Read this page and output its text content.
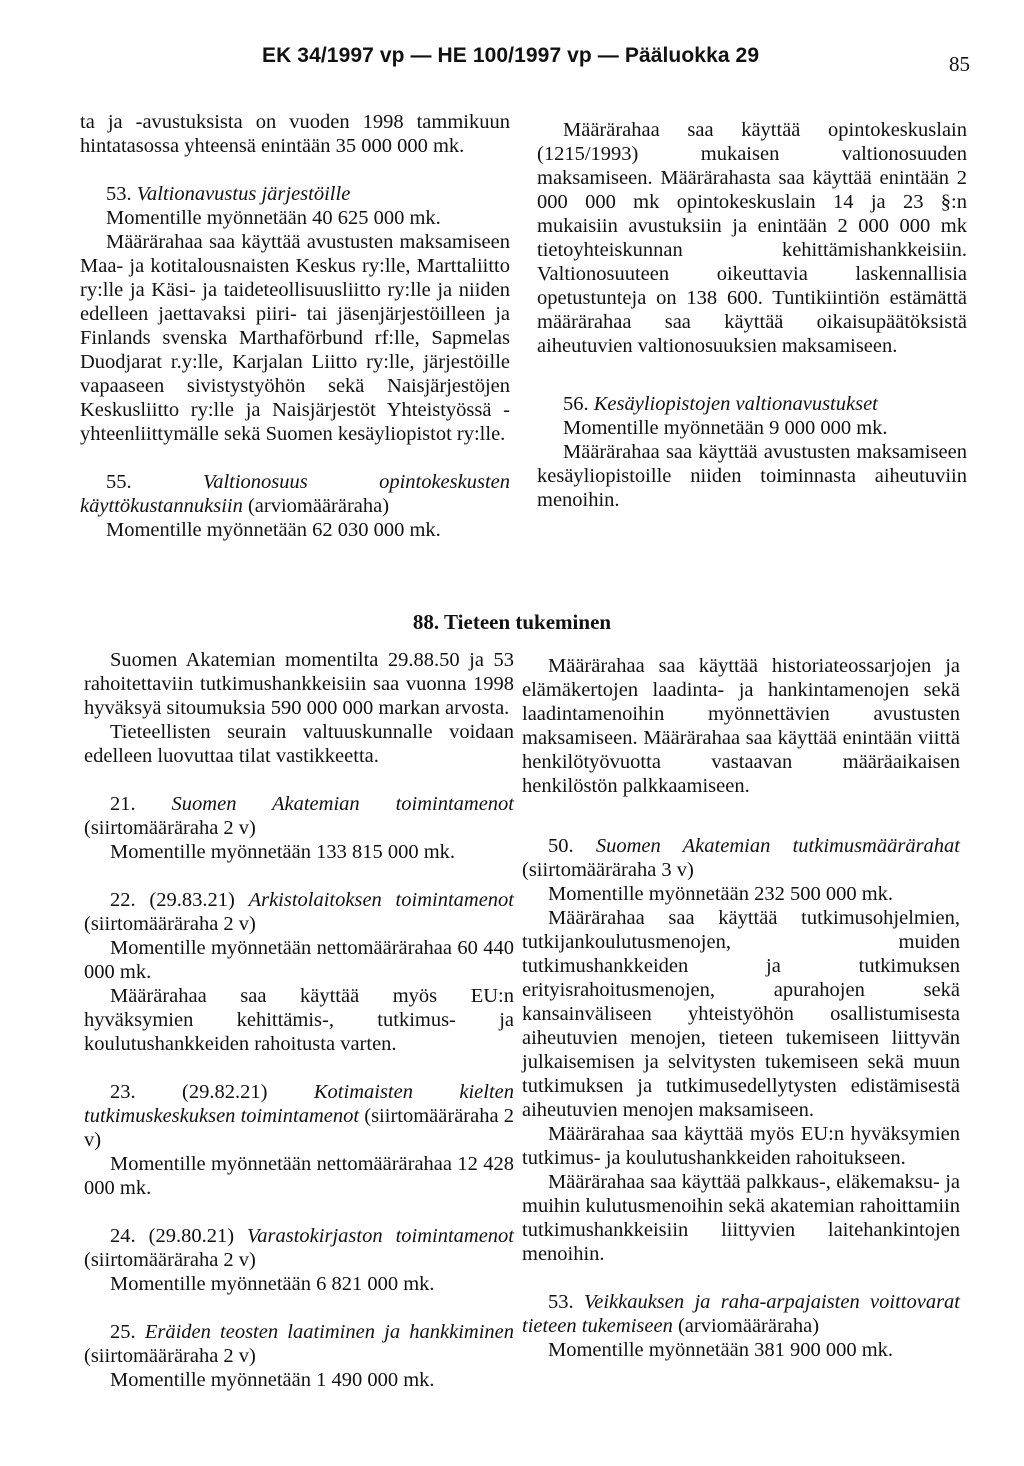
EK 34/1997 vp — HE 100/1997 vp — Pääluokka 29	85

ta ja -avustuksista on vuoden 1998 tammikuun hintatasossa yhteensä enintään 35 000 000 mk.

53. Valtionavustus järjestöille

Momentille myönnetään 40 625 000 mk.

Määrärahaa saa käyttää avustusten maksamiseen Maa- ja kotitalousnaisten Keskus ry:lle, Marttaliitto ry:lle ja Käsi- ja taideteollisuusliitto ry:lle ja niiden edelleen jaettavaksi piiri- tai jäsenjärjestöilleen ja Finlands svenska Marthaförbund rf:lle, Sapmelas Duodjarat r.y:lle, Karjalan Liitto ry:lle, järjestöille vapaaseen sivistystyöhön sekä Naisjärjestöjen Keskusliitto ry:lle ja Naisjärjestöt Yhteistyössä -yhteenliittymälle sekä Suomen kesäyliopistot ry:lle.

55.	Valtionosuus opintokeskusten käyttökustannuksiin (arviomääräraha)

Momentille myönnetään 62 030 000 mk.

Määrärahaa saa käyttää opintokeskuslain (1215/1993) mukaisen valtionosuuden maksamiseen. Määrärahasta saa käyttää enintään 2 000 000 mk opintokeskuslain 14 ja 23 §:n mukaisiin avustuksiin ja enintään 2 000 000 mk tietoyhteiskunnan kehittämishankkeisiin. Valtionosuuteen oikeuttavia laskennallisia opetustunteja on 138 600. Tuntikiintiön estämättä määrärahaa saa käyttää oikaisupäätöksistä aiheutuvien valtionosuuksien maksamiseen.

56. Kesäyliopistojen valtionavustukset

Momentille myönnetään 9 000 000 mk.

Määrärahaa saa käyttää avustusten maksamiseen kesäyliopistoille niiden toiminnasta aiheutuviin menoihin.

88. Tieteen tukeminen

Suomen Akatemian momentilta 29.88.50 ja 53 rahoitettaviin tutkimushankkeisiin saa vuonna 1998 hyväksyä sitoumuksia 590 000 000 markan arvosta.

Tieteellisten seurain valtuuskunnalle voidaan edelleen luovuttaa tilat vastikkeetta.

21. Suomen Akatemian toimintamenot (siirtomääräraha 2 v)

Momentille myönnetään 133 815 000 mk.

22. (29.83.21) Arkistolaitoksen toimintamenot (siirtomääräraha 2 v)

Momentille myönnetään nettomäärärahaa 60 440 000 mk.

Määrärahaa saa käyttää myös EU:n hyväksymien kehittämis-, tutkimus- ja koulutushankkeiden rahoitusta varten.

23. (29.82.21) Kotimaisten kielten tutkimuskeskuksen toimintamenot (siirtomääräraha 2 v)

Momentille myönnetään nettomäärärahaa 12 428 000 mk.

24. (29.80.21) Varastokirjaston toimintamenot (siirtomääräraha 2 v)

Momentille myönnetään 6 821 000 mk.

25. Eräiden teosten laatiminen ja hankkiminen (siirtomääräraha 2 v)

Momentille myönnetään 1 490 000 mk.

Määrärahaa saa käyttää historiateossarjojen ja elämäkertojen laadinta- ja hankintamenojen sekä laadintamenoihin myönnettävien avustusten maksamiseen. Määrärahaa saa käyttää enintään viittä henkilötyövuotta vastaavan määräaikaisen henkilöstön palkkaamiseen.

50. Suomen Akatemian tutkimusmäärärahat (siirtomääräraha 3 v)

Momentille myönnetään 232 500 000 mk.

Määrärahaa saa käyttää tutkimusohjelmien, tutkijankoulutusmenojen, muiden tutkimushankkeiden ja tutkimuksen erityisrahoitusmenojen, apurahojen sekä kansainväliseen yhteistyöhön osallistumisesta aiheutuvien menojen, tieteen tukemiseen liittyvän julkaisemisen ja selvitysten tukemiseen sekä muun tutkimuksen ja tutkimusedellytysten edistämisestä aiheutuvien menojen maksamiseen.

Määrärahaa saa käyttää myös EU:n hyväksymien tutkimus- ja koulutushankkeiden rahoitukseen.

Määrärahaa saa käyttää palkkaus-, eläkemaksu- ja muihin kulutusmenoihin sekä akatemian rahoittamiin tutkimushankkeisiin liittyvien laitehankintojen menoihin.

53. Veikkauksen ja raha-arpajaisten voittovarat tieteen tukemiseen (arviomääräraha)

Momentille myönnetään 381 900 000 mk.
